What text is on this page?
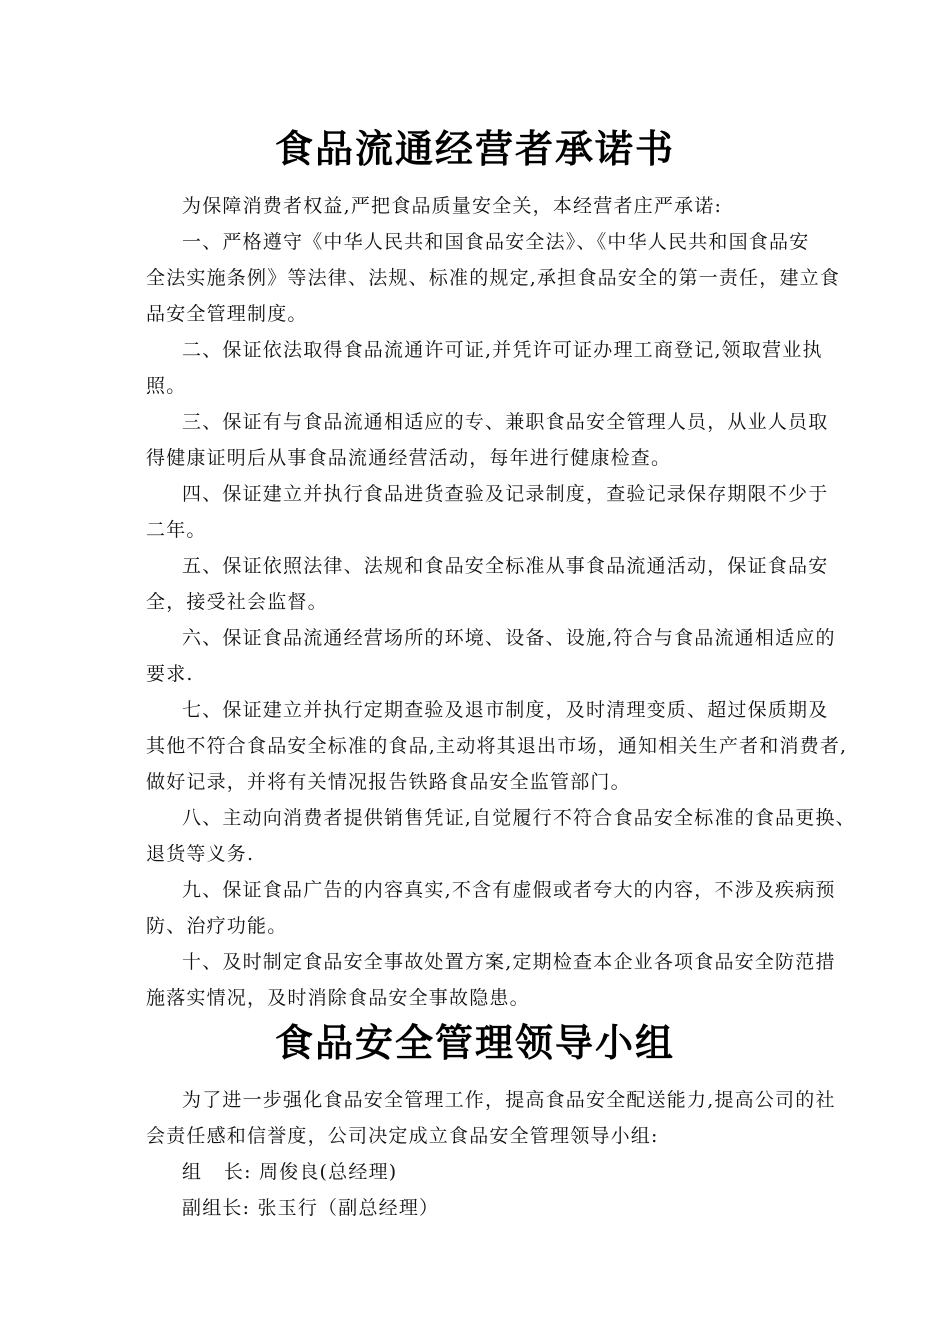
食品流通经营者承诺书
为保障消费者权益,严把食品质量安全关，本经营者庄严承诺:
一、严格遵守《中华人民共和国食品安全法》、《中华人民共和国食品安
全法实施条例》等法律、法规、标准的规定,承担食品安全的第一责任，建立食
品安全管理制度。
二、保证依法取得食品流通许可证,并凭许可证办理工商登记,领取营业执
照。
三、保证有与食品流通相适应的专、兼职食品安全管理人员，从业人员取
得健康证明后从事食品流通经营活动，每年进行健康检查。
四、保证建立并执行食品进货查验及记录制度，查验记录保存期限不少于
二年。
五、保证依照法律、法规和食品安全标准从事食品流通活动，保证食品安
全，接受社会监督。
六、保证食品流通经营场所的环境、设备、设施,符合与食品流通相适应的
要求.
七、保证建立并执行定期查验及退市制度，及时清理变质、超过保质期及
其他不符合食品安全标准的食品,主动将其退出市场，通知相关生产者和消费者,
做好记录，并将有关情况报告铁路食品安全监管部门。
八、主动向消费者提供销售凭证,自觉履行不符合食品安全标准的食品更换、
退货等义务.
九、保证食品广告的内容真实,不含有虚假或者夸大的内容，不涉及疾病预
防、治疗功能。
十、及时制定食品安全事故处置方案,定期检查本企业各项食品安全防范措
施落实情况，及时消除食品安全事故隐患。
食品安全管理领导小组
为了进一步强化食品安全管理工作，提高食品安全配送能力,提高公司的社
会责任感和信誉度，公司决定成立食品安全管理领导小组:
组   长: 周俊良(总经理)
副组长: 张玉行（副总经理）
